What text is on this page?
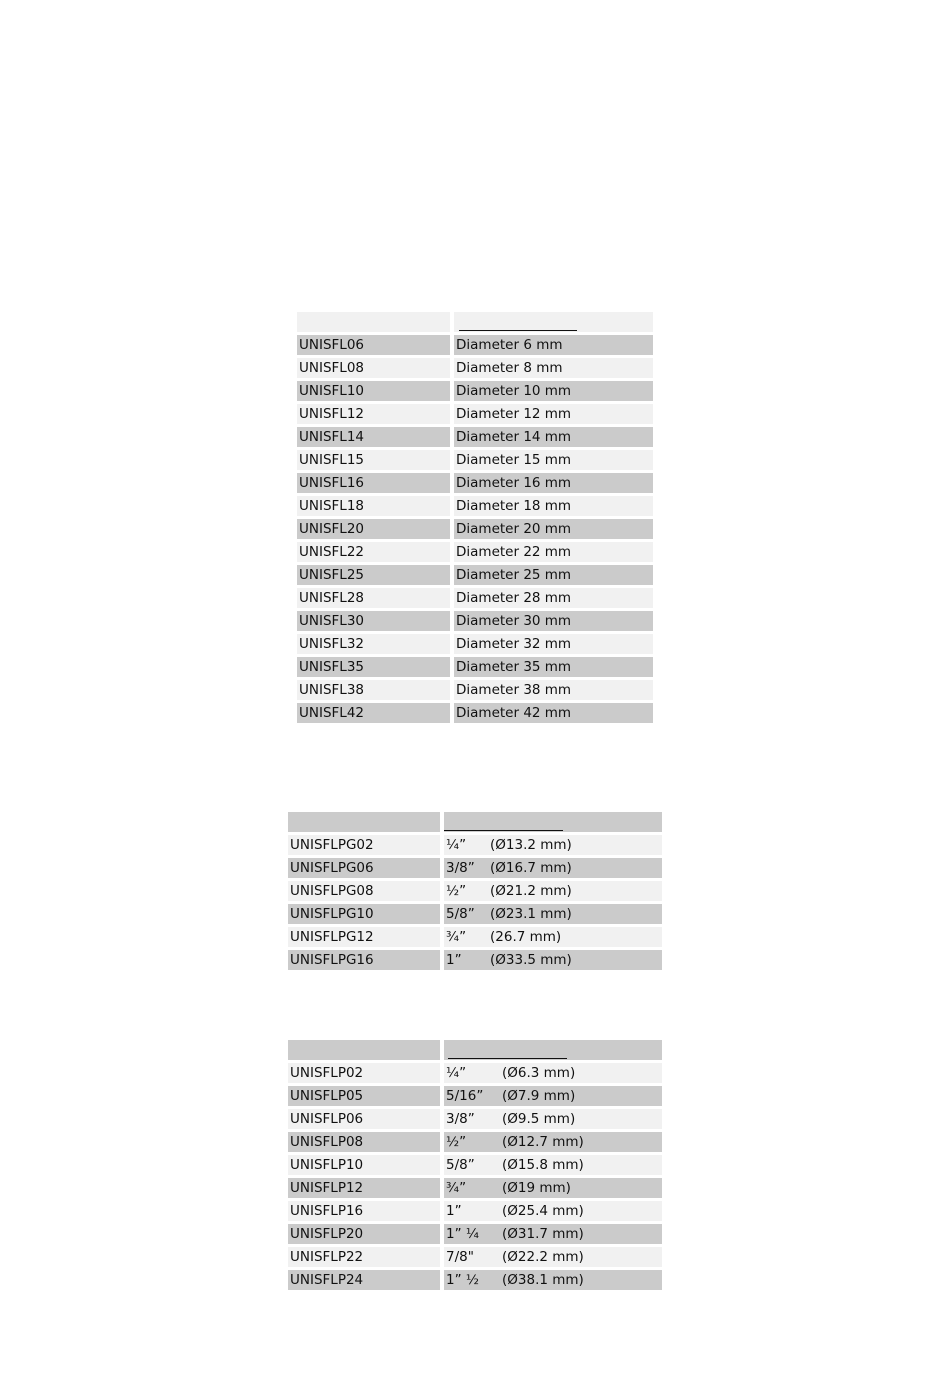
UNISFL06	Diameter 6 mm
UNISFL08	Diameter 8 mm
UNISFL10	Diameter 10 mm
UNISFL12	Diameter 12 mm
UNISFL14	Diameter 14 mm
UNISFL15	Diameter 15 mm
UNISFL16	Diameter 16 mm
UNISFL18	Diameter 18 mm
UNISFL20	Diameter 20 mm
UNISFL22	Diameter 22 mm
UNISFL25	Diameter 25 mm
UNISFL28	Diameter 28 mm
UNISFL30	Diameter 30 mm
UNISFL32	Diameter 32 mm
UNISFL35	Diameter 35 mm
UNISFL38	Diameter 38 mm
UNISFL42	Diameter 42 mm

UNISFLPG02	¼” (Ø13.2 mm)
UNISFLPG06	3/8” (Ø16.7 mm)
UNISFLPG08	½” (Ø21.2 mm)
UNISFLPG10	5/8” (Ø23.1 mm)
UNISFLPG12	¾” (26.7 mm)
UNISFLPG16	1” (Ø33.5 mm)

UNISFLP02	¼”	(Ø6.3 mm)
UNISFLP05	5/16” (Ø7.9 mm)
UNISFLP06	3/8” (Ø9.5 mm)
UNISFLP08	½”	(Ø12.7 mm)
UNISFLP10	5/8” (Ø15.8 mm)
UNISFLP12	¾”	(Ø19 mm)
UNISFLP16	1”	(Ø25.4 mm)
UNISFLP20	1” ¼ (Ø31.7 mm)
UNISFLP22	7/8" (Ø22.2 mm)
UNISFLP24	1” ½ (Ø38.1 mm)
